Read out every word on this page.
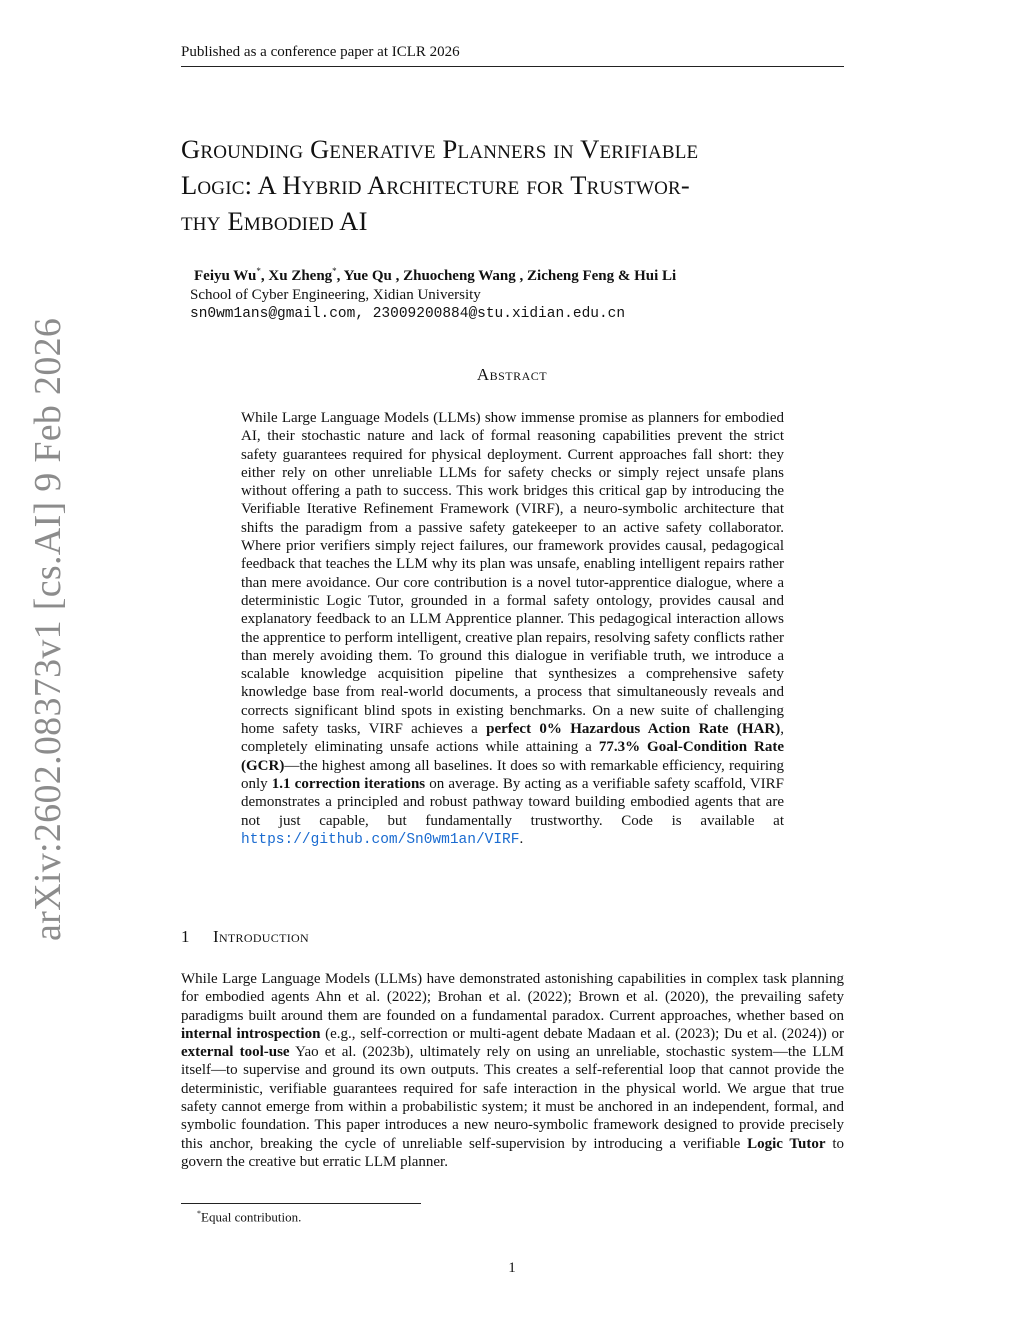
Published as a conference paper at ICLR 2026
Grounding Generative Planners in Verifiable
Logic: A Hybrid Architecture for Trustwor-
thy Embodied AI
Feiyu Wu*, Xu Zheng*, Yue Qu , Zhuocheng Wang , Zicheng Feng & Hui Li
School of Cyber Engineering, Xidian University
sn0wm1ans@gmail.com, 23009200884@stu.xidian.edu.cn
arXiv:2602.08373v1 [cs.AI] 9 Feb 2026	Abstract
While Large Language Models (LLMs) show immense promise as planners for embodied AI, their stochastic nature and lack of formal reasoning capabilities prevent the strict safety guarantees required for physical deployment. Current approaches fall short: they either rely on other unreliable LLMs for safety checks or simply reject unsafe plans without offering a path to success. This work bridges this critical gap by introducing the Verifiable Iterative Refinement Framework (VIRF), a neuro-symbolic architecture that shifts the paradigm from a passive safety gatekeeper to an active safety collaborator. Where prior verifiers simply reject failures, our framework provides causal, pedagogical feedback that teaches the LLM why its plan was unsafe, enabling intelligent repairs rather than mere avoidance. Our core contribution is a novel tutor-apprentice dialogue, where a deterministic Logic Tutor, grounded in a formal safety ontology, provides causal and explanatory feedback to an LLM Apprentice planner. This pedagogical interaction allows the apprentice to perform intelligent, creative plan repairs, resolving safety conflicts rather than merely avoiding them. To ground this dialogue in verifiable truth, we introduce a scalable knowledge acquisition pipeline that synthesizes a comprehensive safety knowledge base from real-world documents, a process that simultaneously reveals and corrects significant blind spots in existing benchmarks. On a new suite of challenging home safety tasks, VIRF achieves a perfect 0% Hazardous Action Rate (HAR), completely eliminating unsafe actions while attaining a 77.3% Goal-Condition Rate (GCR)—the highest among all baselines. It does so with remarkable efficiency, requiring only 1.1 correction iterations on average. By acting as a verifiable safety scaffold, VIRF demonstrates a principled and robust pathway toward building embodied agents that are not just capable, but fundamentally trustworthy. Code is available at https://github.com/Sn0wm1an/VIRF.
1 Introduction
While Large Language Models (LLMs) have demonstrated astonishing capabilities in complex task planning for embodied agents Ahn et al. (2022); Brohan et al. (2022); Brown et al. (2020), the prevailing safety paradigms built around them are founded on a fundamental paradox. Current approaches, whether based on internal introspection (e.g., self-correction or multi-agent debate Madaan et al. (2023); Du et al. (2024)) or external tool-use Yao et al. (2023b), ultimately rely on using an unreliable, stochastic system—the LLM itself—to supervise and ground its own outputs. This creates a self-referential loop that cannot provide the deterministic, verifiable guarantees required for safe interaction in the physical world. We argue that true safety cannot emerge from within a probabilistic system; it must be anchored in an independent, formal, and symbolic foundation. This paper introduces a new neuro-symbolic framework designed to provide precisely this anchor, breaking the cycle of unreliable self-supervision by introducing a verifiable Logic Tutor to govern the creative but erratic LLM planner.
*Equal contribution.
1
